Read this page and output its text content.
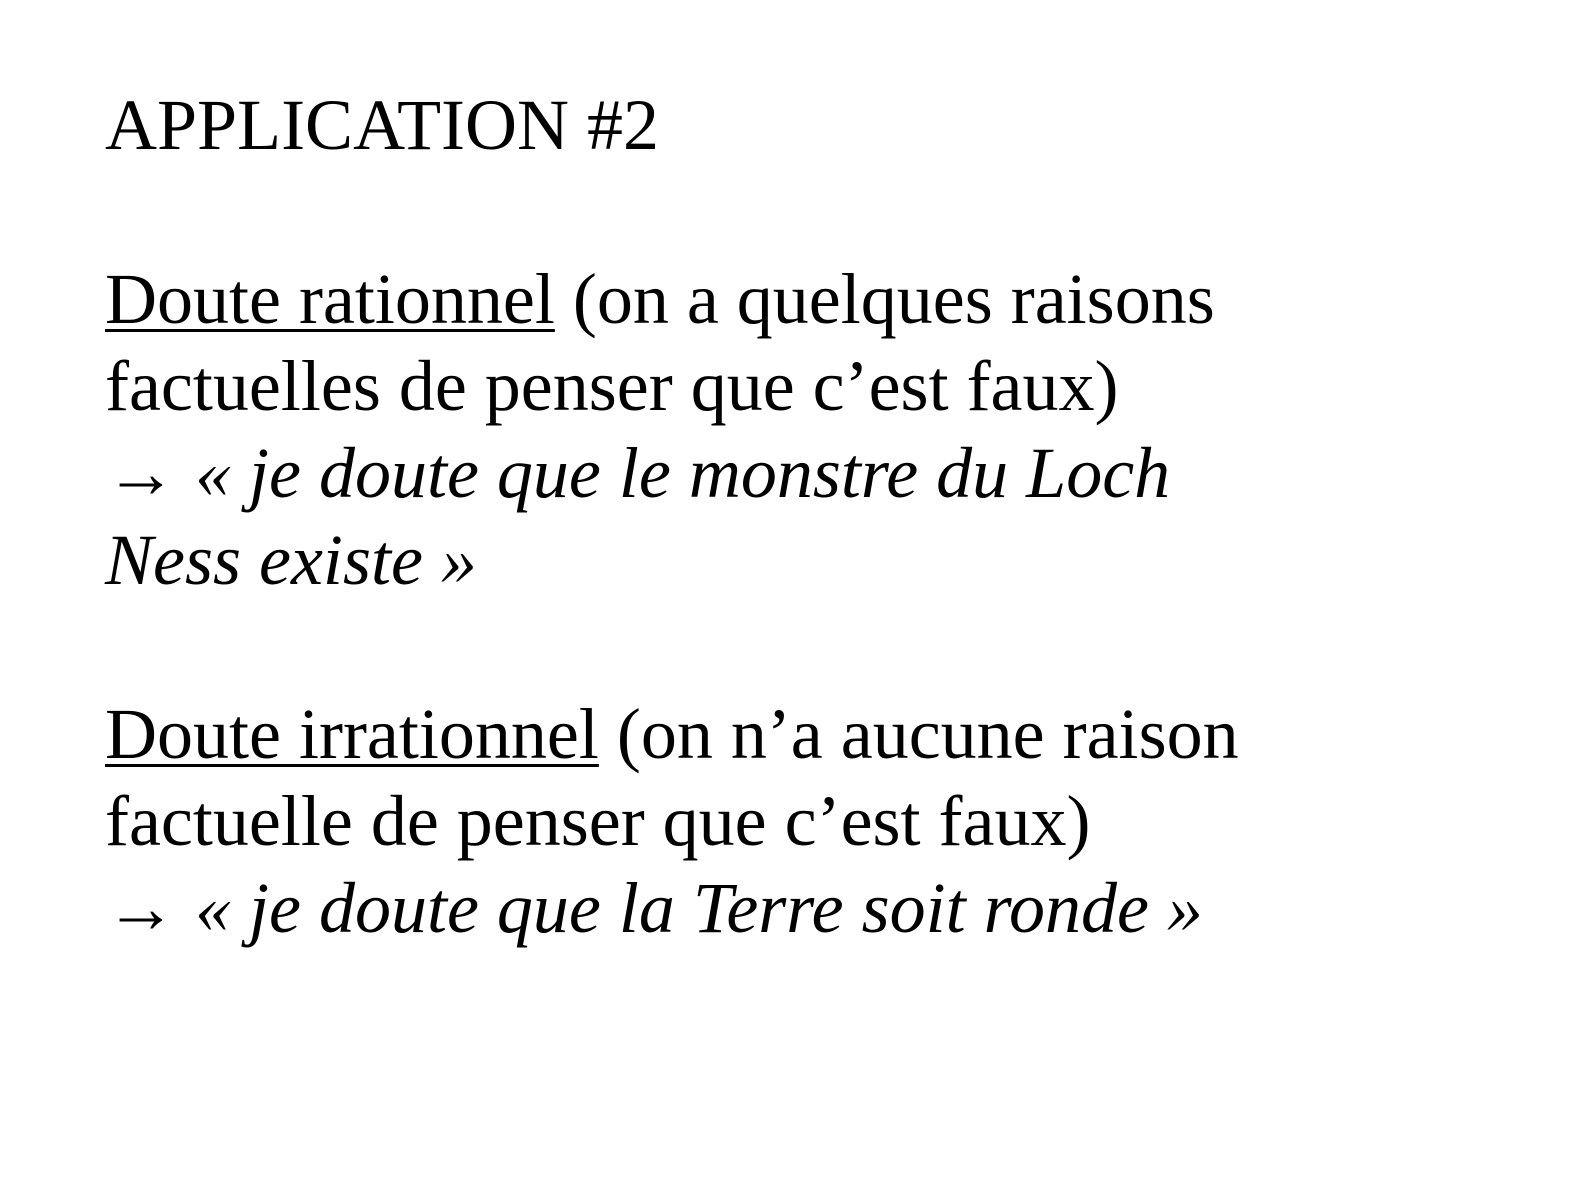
APPLICATION #2
Doute rationnel (on a quelques raisons
factuelles de penser que c’est faux)
→ « je doute que le monstre du Loch
Ness existe »
Doute irrationnel (on n’a aucune raison
factuelle de penser que c’est faux)
→ « je doute que la Terre soit ronde »
